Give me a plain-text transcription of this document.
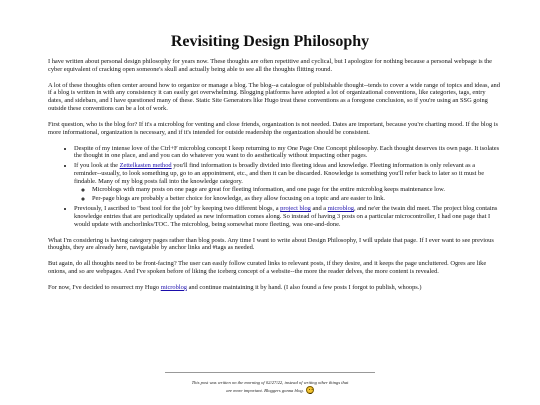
Revisiting Design Philosophy

I have written about personal design philosophy for years now. These thoughts are often repetitive and cyclical, but I apologize for nothing because a personal webpage is the cyber equivalent of cracking open someone's skull and actually being able to see all the thoughts flitting round.

A lot of these thoughts often center around how to organize or manage a blog. The blog--a catalogue of publishable thought--tends to cover a wide range of topics and ideas, and if a blog is written in with any consistency it can easily get overwhelming. Blogging platforms have adopted a lot of organizational conventions, like categories, tags, entry dates, and sidebars, and I have questioned many of these. Static Site Generators like Hugo treat these conventions as a foregone conclusion, so if you're using an SSG going outside these conventions can be a lot of work.

First question, who is the blog for? If it's a microblog for venting and close friends, organization is not needed. Dates are important, because you're charting mood. If the blog is more informational, organization is necessary, and if it's intended for outside readership the organization should be consistent.

• Despite of my intense love of the Ctrl+F microblog concept I keep returning to my One Page One Concept philosophy. Each thought deserves its own page. It isolates the thought in one place, and and you can do whatever you want to do aesthetically without impacting other pages.
• If you look at the Zettelkasten method you'll find information is broadly divided into fleeting ideas and knowledge. Fleeting information is only relevant as a reminder--usually, to look something up, go to an appointment, etc., and then it can be discarded. Knowledge is something you'll refer back to later so it must be findable. Many of my blog posts fall into the knowledge category.
◦ Microblogs with many posts on one page are great for fleeting information, and one page for the entire microblog keeps maintenance low.
◦ Per-page blogs are probably a better choice for knowledge, as they allow focusing on a topic and are easier to link.
• Previously, I ascribed to "best tool for the job" by keeping two different blogs, a project blog and a microblog, and ne'er the twain did meet. The project blog contains knowledge entries that are periodically updated as new information comes along. So instead of having 3 posts on a particular microcontroller, I had one page that I would update with anchorlinks/TOC. The microblog, being somewhat more fleeting, was one-and-done.

What I'm considering is having category pages rather than blog posts. Any time I want to write about Design Philosophy, I will update that page. If I ever want to see previous thoughts, they are already here, navigatable by anchor links and #tags as needed.

But again, do all thoughts need to be front-facing? The user can easily follow curated links to relevant posts, if they desire, and it keeps the page uncluttered. Ogres are like onions, and so are webpages. And I've spoken before of liking the iceberg concept of a website--the more the reader delves, the more content is revealed.

For now, I've decided to resurrect my Hugo microblog and continue maintaining it by hand. (I also found a few posts I forgot to publish, whoops.)

This post was written on the morning of 02/27/22, instead of writing other things that
are more important. Bloggers gonna blog.
